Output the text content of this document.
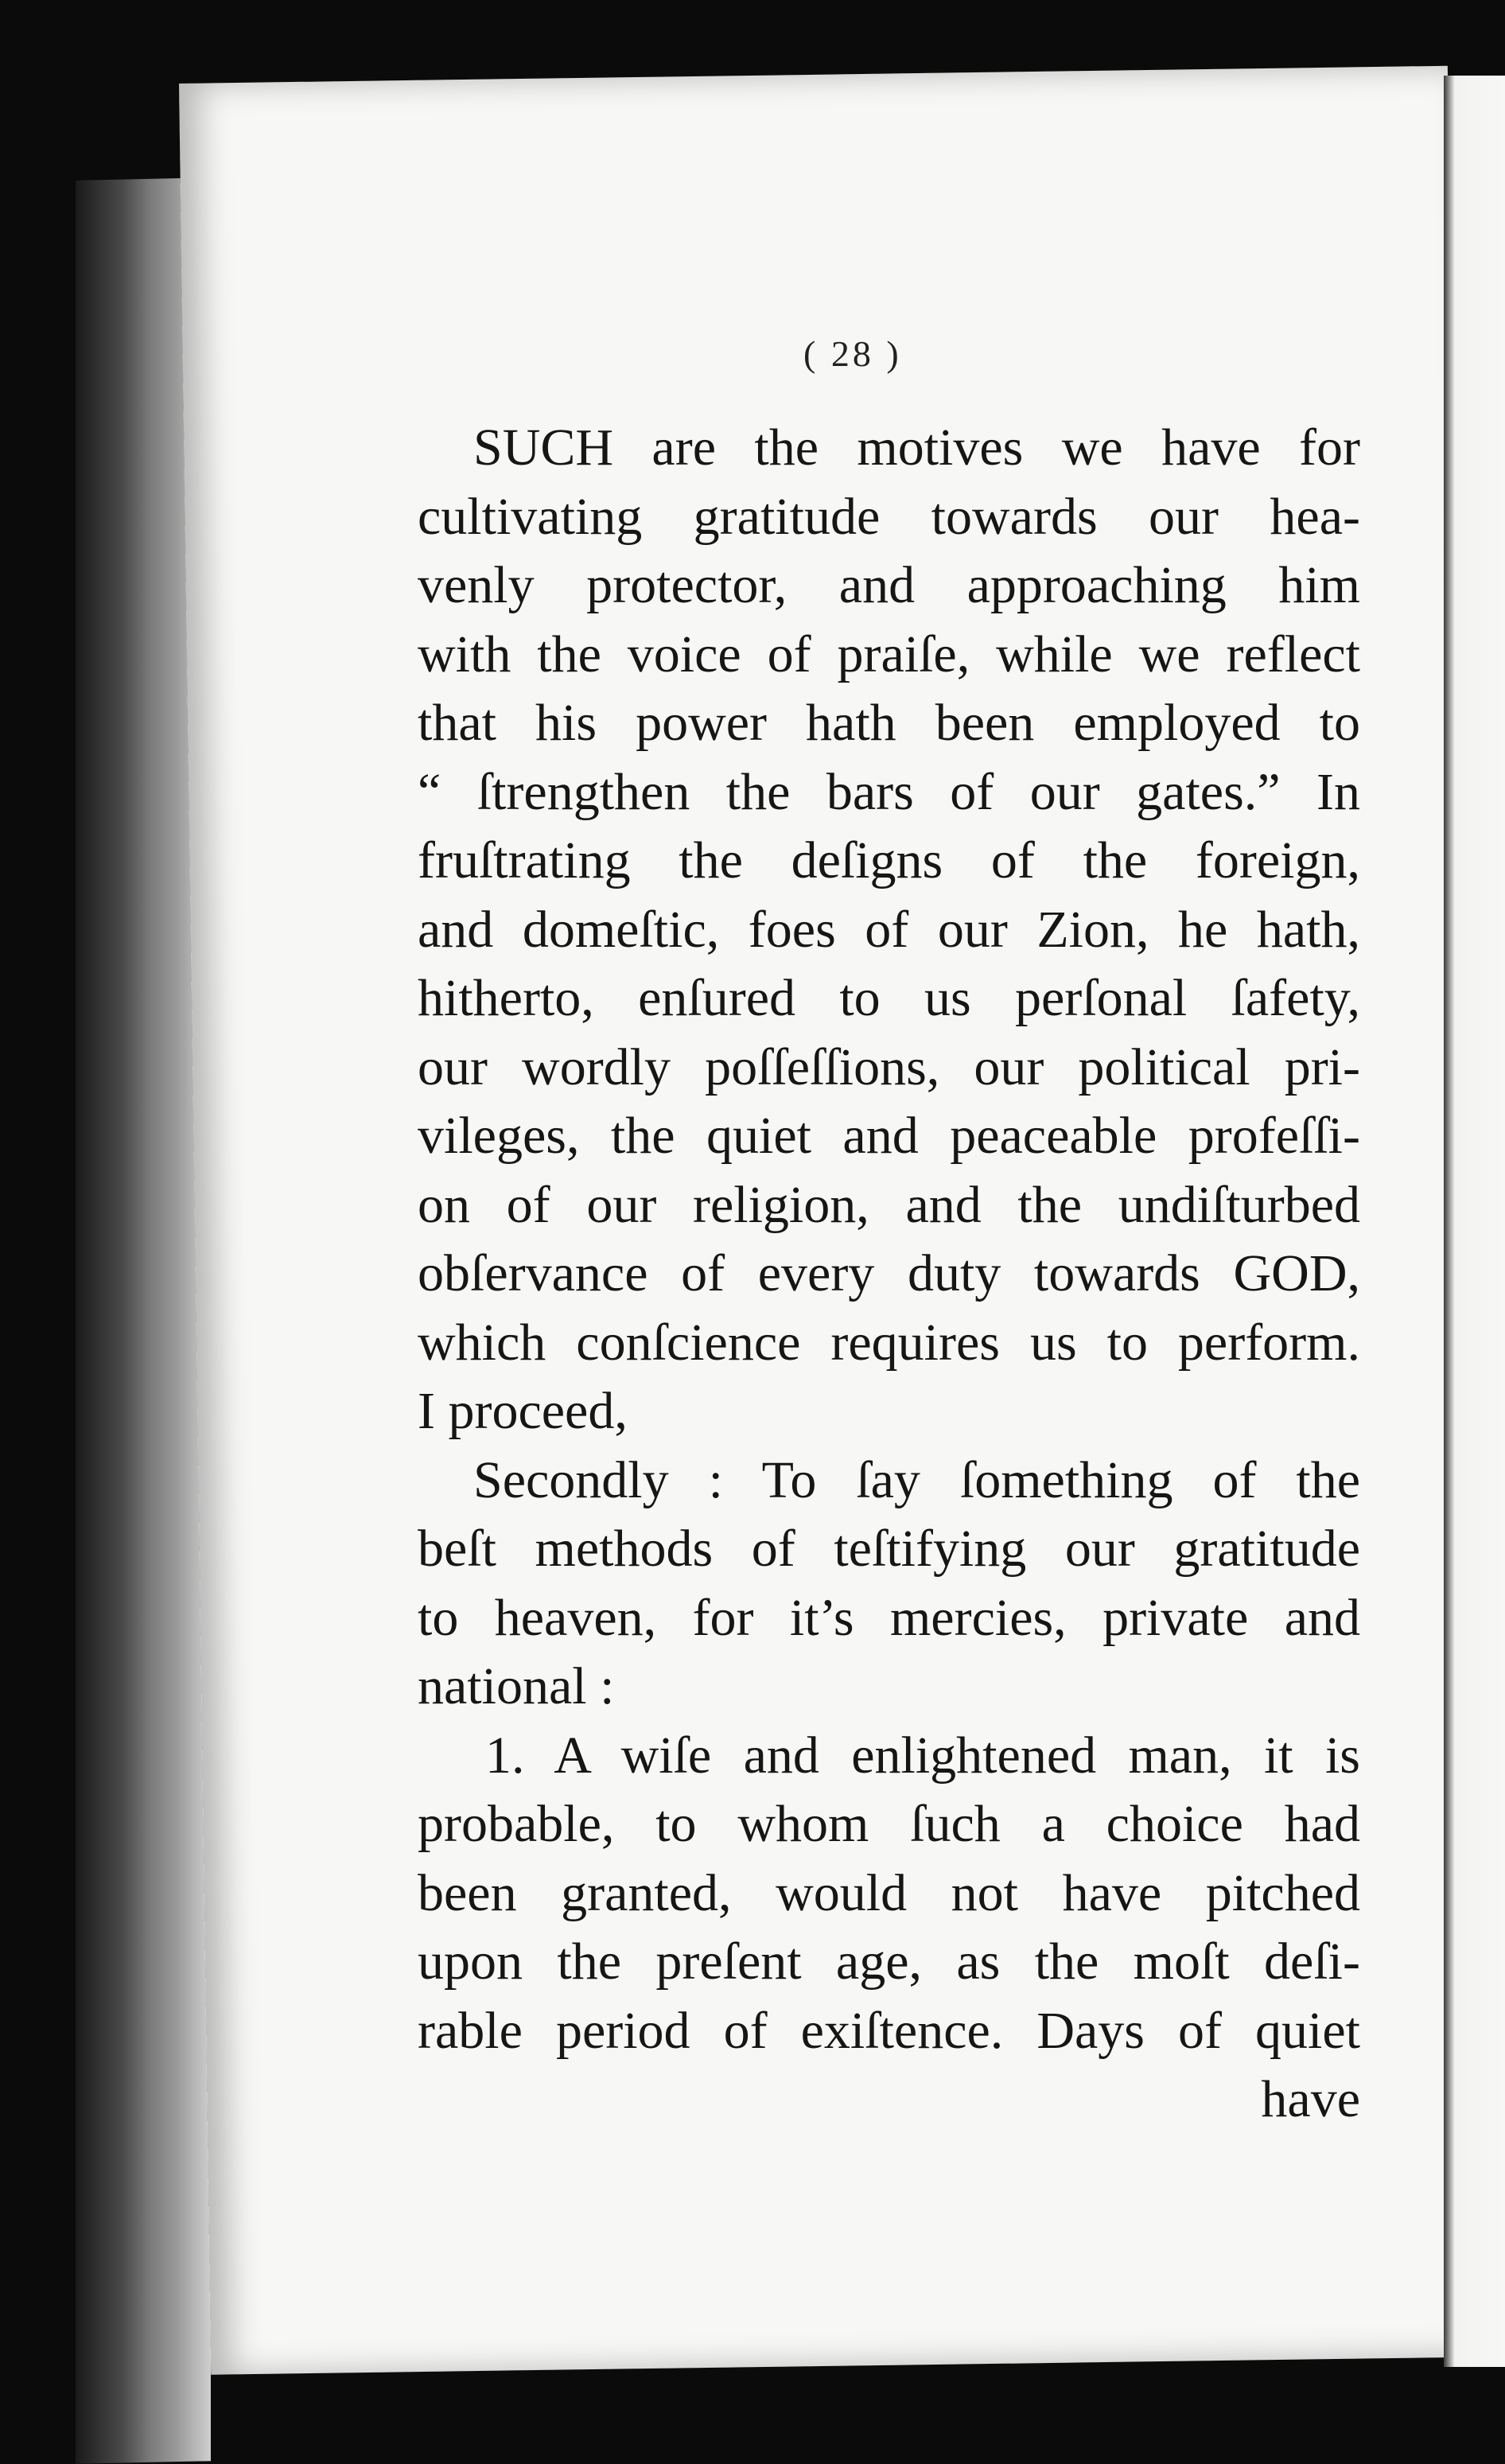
( 28 )
SUCH are the motives we have for
cultivating gratitude towards our hea-
venly protector, and approaching him
with the voice of praiſe, while we reflect
that his power hath been employed to
“ ſtrengthen the bars of our gates.” In
fruſtrating the deſigns of the foreign,
and domeſtic, foes of our Zion, he hath,
hitherto, enſured to us perſonal ſafety,
our wordly poſſeſſions, our political pri-
vileges, the quiet and peaceable profeſſi-
on of our religion, and the undiſturbed
obſervance of every duty towards GOD,
which conſcience requires us to perform.
I proceed,
Secondly : To ſay ſomething of the
beſt methods of teſtifying our gratitude
to heaven, for it’s mercies, private and
national :
1. A wiſe and enlightened man, it is
probable, to whom ſuch a choice had
been granted, would not have pitched
upon the preſent age, as the moſt deſi-
rable period of exiſtence. Days of quiet
have
